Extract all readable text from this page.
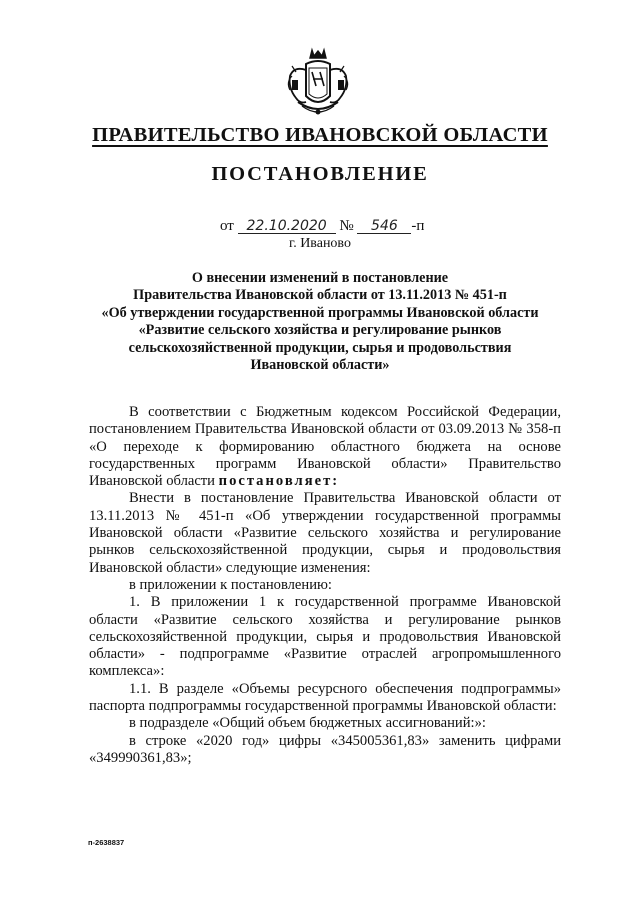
ПРАВИТЕЛЬСТВО ИВАНОВСКОЙ ОБЛАСТИ
ПОСТАНОВЛЕНИЕ
от 22.10.2020 № 546 -п
г. Иваново
О внесении изменений в постановление
Правительства Ивановской области от 13.11.2013 № 451-п
«Об утверждении государственной программы Ивановской области
«Развитие сельского хозяйства и регулирование рынков
сельскохозяйственной продукции, сырья и продовольствия
Ивановской области»

В соответствии с Бюджетным кодексом Российской Федерации, постановлением Правительства Ивановской области от 03.09.2013 № 358-п «О переходе к формированию областного бюджета на основе государственных программ Ивановской области» Правительство Ивановской области постановляет:

Внести в постановление Правительства Ивановской области от 13.11.2013 № 451-п «Об утверждении государственной программы Ивановской области «Развитие сельского хозяйства и регулирование рынков сельскохозяйственной продукции, сырья и продовольствия Ивановской области» следующие изменения:

в приложении к постановлению:

1. В приложении 1 к государственной программе Ивановской области «Развитие сельского хозяйства и регулирование рынков сельскохозяйственной продукции, сырья и продовольствия Ивановской области» - подпрограмме «Развитие отраслей агропромышленного комплекса»:

1.1. В разделе «Объемы ресурсного обеспечения подпрограммы» паспорта подпрограммы государственной программы Ивановской области:

в подразделе «Общий объем бюджетных ассигнований:»:

в строке «2020 год» цифры «345005361,83» заменить цифрами «349990361,83»;

п-2638837
